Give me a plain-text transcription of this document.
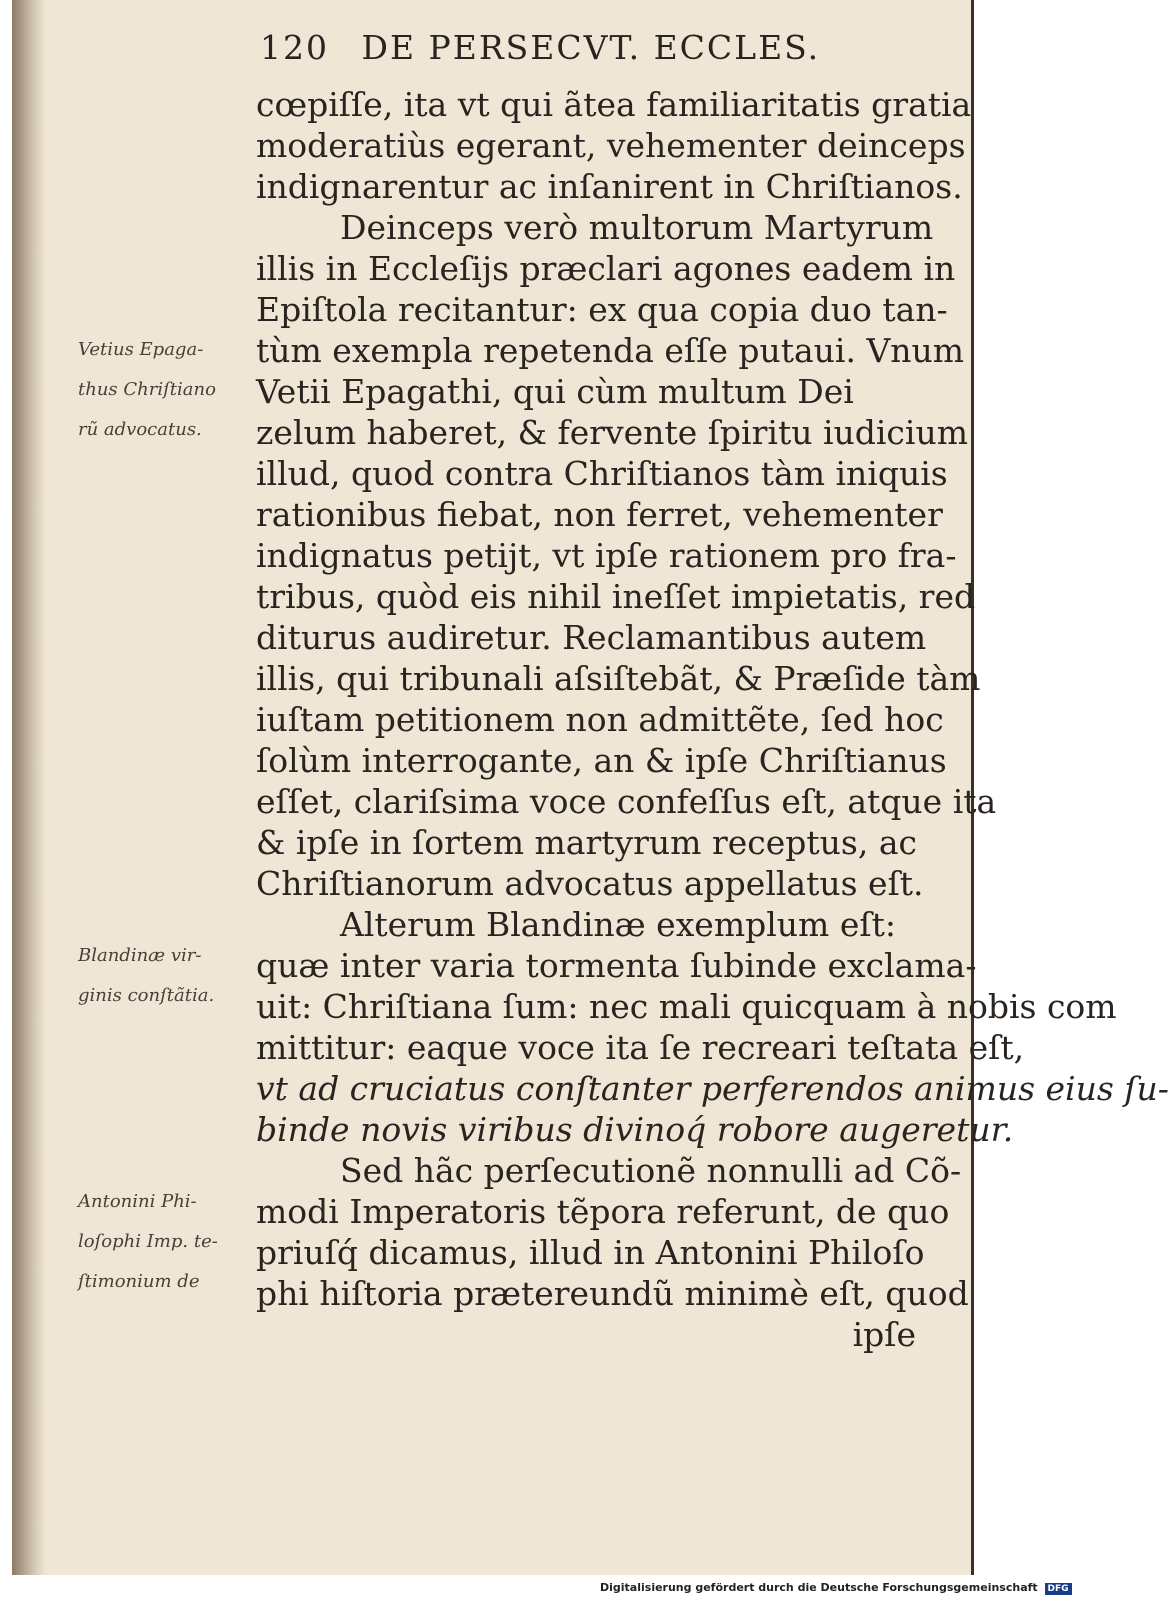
120 DE PERSECVT. ECCLES.
cœpiſſe, ita vt qui ãtea familiaritatis gratia
moderatiùs egerant, vehementer deinceps
indignarentur ac inſanirent in Chriſtianos.
Deinceps verò multorum Martyrum
illis in Eccleſijs præclari agones eadem in
Epiſtola recitantur: ex qua copia duo tan-
tùm exempla repetenda eſſe putaui. Vnum
Vetii Epagathi, qui cùm multum Dei
zelum haberet, & fervente ſpiritu iudicium
illud, quod contra Chriſtianos tàm iniquis
rationibus fiebat, non ferret, vehementer
indignatus petijt, vt ipſe rationem pro fra-
tribus, quòd eis nihil ineſſet impietatis, red
diturus audiretur. Reclamantibus autem
illis, qui tribunali aſsiſtebãt, & Præſide tàm
iuſtam petitionem non admittẽte, ſed hoc
ſolùm interrogante, an & ipſe Chriſtianus
eſſet, clariſsima voce confeſſus eſt, atque ita
& ipſe in ſortem martyrum receptus, ac
Chriſtianorum advocatus appellatus eſt.
Alterum Blandinæ exemplum eſt:
quæ inter varia tormenta ſubinde exclama-
uit: Chriſtiana ſum: nec mali quicquam à nobis com
mittitur: eaque voce ita ſe recreari teſtata eſt,
vt ad cruciatus conſtanter perferendos animus eius ſu-
binde novis viribus divinoq́ robore augeretur.
Sed hãc perſecutionẽ nonnulli ad Cõ-
modi Imperatoris tẽpora referunt, de quo
priuſq́ dicamus, illud in Antonini Philoſo
phi hiſtoria prætereundũ minimè eſt, quod
ipſe
Vetius Epaga-
thus Chriſtiano
rũ advocatus.
Blandinæ vir-
ginis conſtãtia.
Antonini Phi-
loſophi Imp. te-
ſtimonium de
Digitalisierung gefördert durch die Deutsche Forschungsgemeinschaft DFG
